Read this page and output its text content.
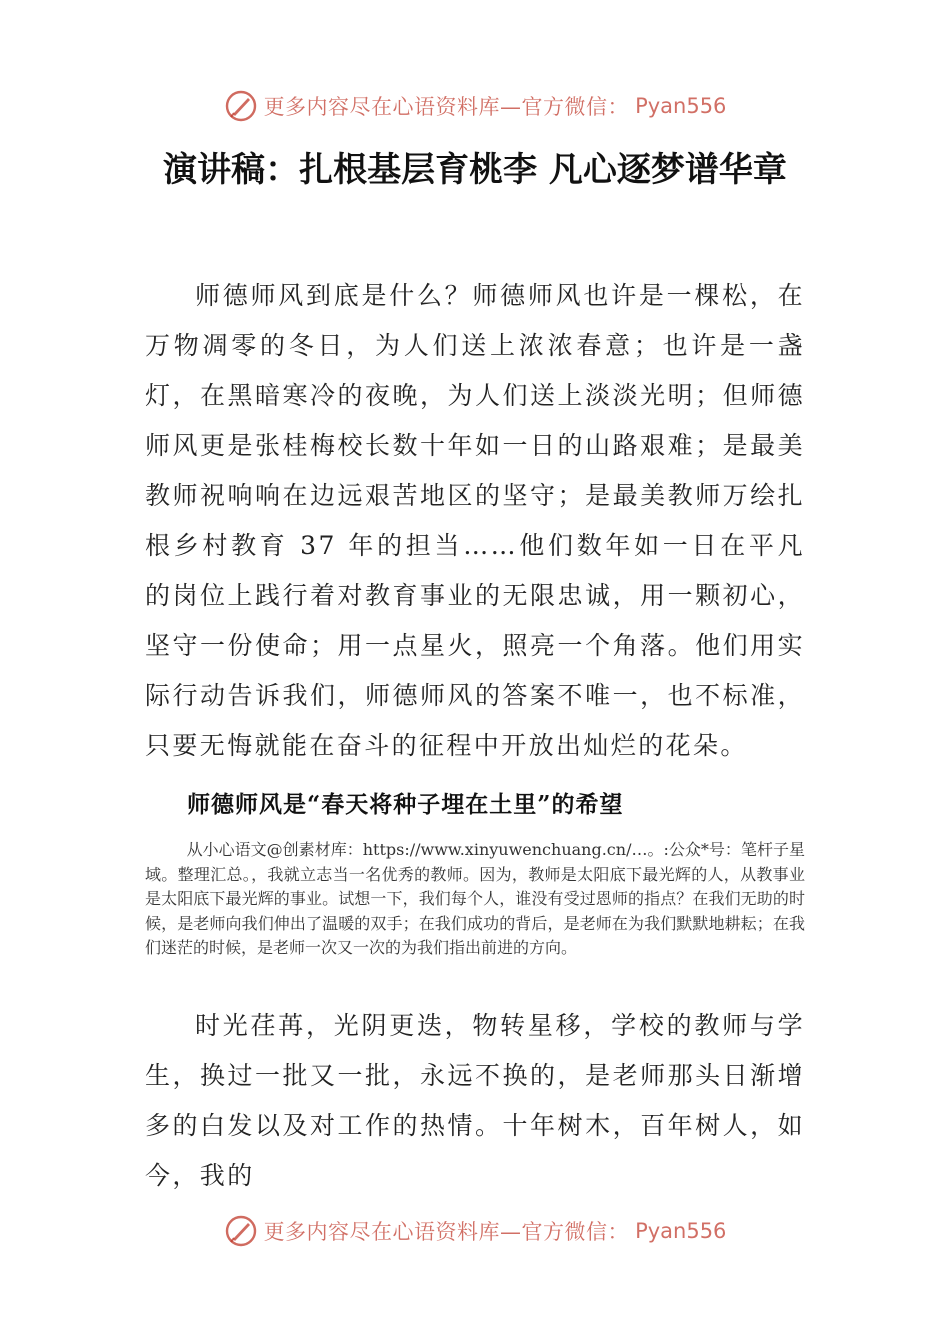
更多内容尽在心语资料库—官方微信： Pyan556
演讲稿：扎根基层育桃李 凡心逐梦谱华章

师德师风到底是什么？师德师风也许是一棵松，在万物凋零的冬日，为人们送上浓浓春意；也许是一盏灯，在黑暗寒冷的夜晚，为人们送上淡淡光明；但师德师风更是张桂梅校长数十年如一日的山路艰难；是最美教师祝响响在边远艰苦地区的坚守；是最美教师万绘扎根乡村教育 37 年的担当……他们数年如一日在平凡的岗位上践行着对教育事业的无限忠诚，用一颗初心，坚守一份使命；用一点星火，照亮一个角落。他们用实际行动告诉我们，师德师风的答案不唯一，也不标准，只要无悔就能在奋斗的征程中开放出灿烂的花朵。

师德师风是“春天将种子埋在土里”的希望

从小心语文@创素材库：https://www.xinyuwenchuang.cn/…。:公众*号：笔杆子星域。整理汇总。，我就立志当一名优秀的教师。因为，教师是太阳底下最光辉的人，从教事业是太阳底下最光辉的事业。试想一下，我们每个人，谁没有受过恩师的指点？在我们无助的时候，是老师向我们伸出了温暖的双手；在我们成功的背后，是老师在为我们默默地耕耘；在我们迷茫的时候，是老师一次又一次的为我们指出前进的方向。

时光荏苒，光阴更迭，物转星移，学校的教师与学生，换过一批又一批，永远不换的，是老师那头日渐增多的白发以及对工作的热情。十年树木，百年树人，如今，我的

更多内容尽在心语资料库—官方微信： Pyan556
